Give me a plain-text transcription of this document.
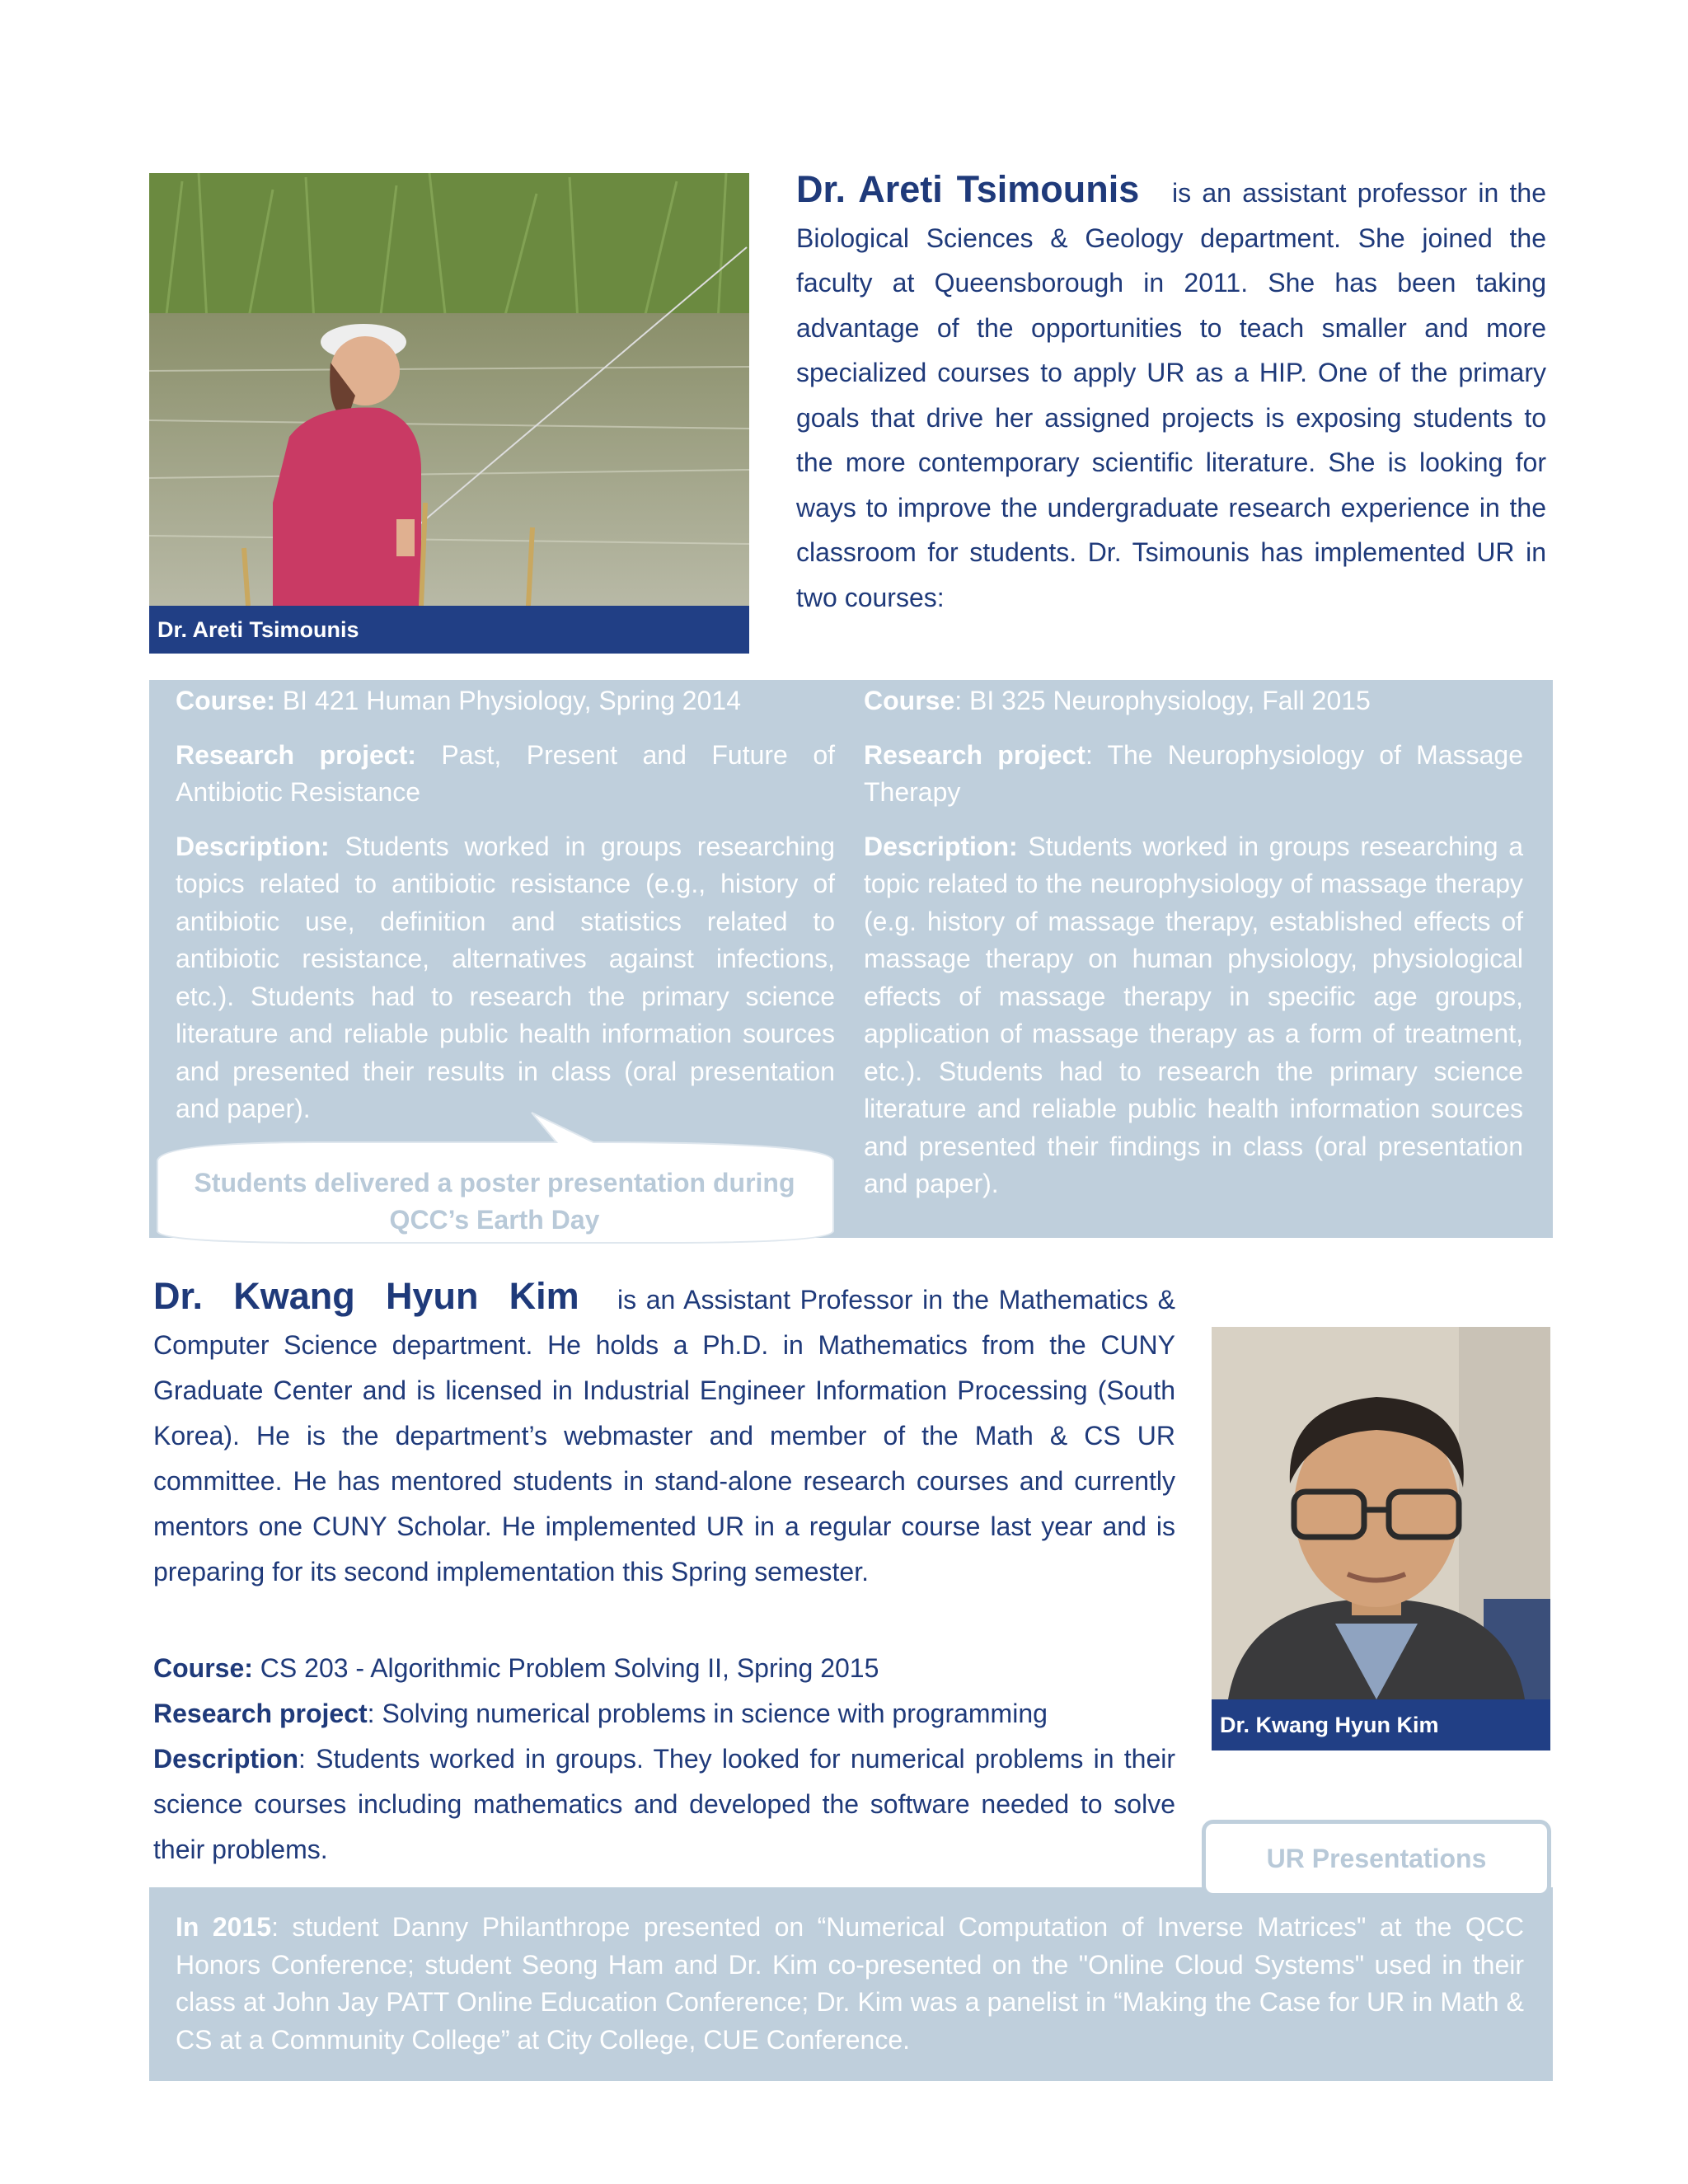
Dr. Areti Tsimounis
Dr. Areti Tsimounis is an assistant professor in the Biological Sciences & Geology department. She joined the faculty at Queensborough in 2011. She has been taking advantage of the opportunities to teach smaller and more specialized courses to apply UR as a HIP. One of the primary goals that drive her assigned projects is exposing students to the more contemporary scientific literature. She is looking for ways to improve the undergraduate research experience in the classroom for students. Dr. Tsimounis has implemented UR in two courses:

Course: BI 421 Human Physiology, Spring 2014

Research project: Past, Present and Future of Antibiotic Resistance

Description: Students worked in groups researching topics related to antibiotic resistance (e.g., history of antibiotic use, definition and statistics related to antibiotic resistance, alternatives against infections, etc.). Students had to research the primary science literature and reliable public health information sources and presented their results in class (oral presentation and paper).

Course: BI 325 Neurophysiology, Fall 2015

Research project: The Neurophysiology of Massage Therapy

Description: Students worked in groups researching a topic related to the neurophysiology of massage therapy (e.g. history of massage therapy, established effects of massage therapy on human physiology, physiological effects of massage therapy in specific age groups, application of massage therapy as a form of treatment, etc.). Students had to research the primary science literature and reliable public health information sources and presented their findings in class (oral presentation and paper).

Students delivered a poster presentation during QCC’s Earth Day
Dr. Kwang Hyun Kim is an Assistant Professor in the Mathematics & Computer Science department. He holds a Ph.D. in Mathematics from the CUNY Graduate Center and is licensed in Industrial Engineer Information Processing (South Korea). He is the department’s webmaster and member of the Math & CS UR committee. He has mentored students in stand-alone research courses and currently mentors one CUNY Scholar. He implemented UR in a regular course last year and is preparing for its second implementation this Spring semester.
Course: CS 203 - Algorithmic Problem Solving II, Spring 2015
Research project: Solving numerical problems in science with programming
Description: Students worked in groups. They looked for numerical problems in their science courses including mathematics and developed the software needed to solve their problems.
Dr. Kwang Hyun Kim
UR Presentations
In 2015: student Danny Philanthrope presented on “Numerical Computation of Inverse Matrices" at the QCC Honors Conference; student Seong Ham and Dr. Kim co-presented on the "Online Cloud Systems" used in their class at John Jay PATT Online Education Conference; Dr. Kim was a panelist in “Making the Case for UR in Math & CS at a Community College” at City College, CUE Conference.
